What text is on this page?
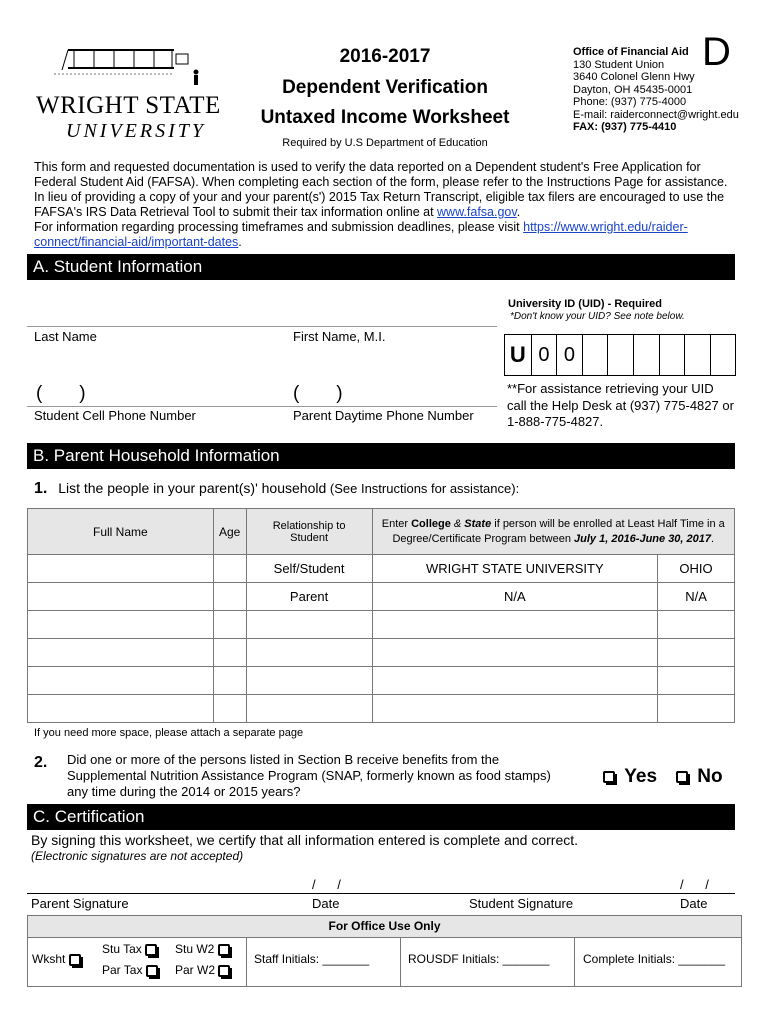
WRIGHT STATE
UNIVERSITY
2016-2017
Dependent Verification
Untaxed Income Worksheet
Required by U.S Department of Education
Office of Financial Aid
130 Student Union
3640 Colonel Glenn Hwy
Dayton, OH 45435-0001
Phone: (937) 775-4000
E-mail: raiderconnect@wright.edu
FAX: (937) 775-4410
D
This form and requested documentation is used to verify the data reported on a Dependent student's Free Application for Federal Student Aid (FAFSA). When completing each section of the form, please refer to the Instructions Page for assistance. In lieu of providing a copy of your and your parent(s') 2015 Tax Return Transcript, eligible tax filers are encouraged to use the FAFSA's IRS Data Retrieval Tool to submit their tax information online at www.fafsa.gov.
For information regarding processing timeframes and submission deadlines, please visit https://www.wright.edu/raider-connect/financial-aid/important-dates.
A. Student Information
University ID (UID) - Required
*Don't know your UID? See note below.
Last Name	First Name, M.I.
U 0 0
(       )	(       )
Student Cell Phone Number	Parent Daytime Phone Number
**For assistance retrieving your UID call the Help Desk at (937) 775-4827 or 1-888-775-4827.
B. Parent Household Information
1. List the people in your parent(s)' household (See Instructions for assistance):
Full Name	Age	Relationship to Student	Enter College & State if person will be enrolled at Least Half Time in a Degree/Certificate Program between July 1, 2016-June 30, 2017.	
		Self/Student	WRIGHT STATE UNIVERSITY	OHIO
		Parent	N/A	N/A

If you need more space, please attach a separate page
2. Did one or more of the persons listed in Section B receive benefits from the
Supplemental Nutrition Assistance Program (SNAP, formerly known as food stamps)
any time during the 2014 or 2015 years?
Yes	No
C. Certification
By signing this worksheet, we certify that all information entered is complete and correct.
(Electronic signatures are not accepted)
/      /	/      /
Parent Signature	Date	Student Signature	Date
For Office Use Only
Wksht
Stu Tax
Par Tax
Stu W2
Par W2
Staff Initials: _______	ROUSDF Initials: _______	Complete Initials: _______
